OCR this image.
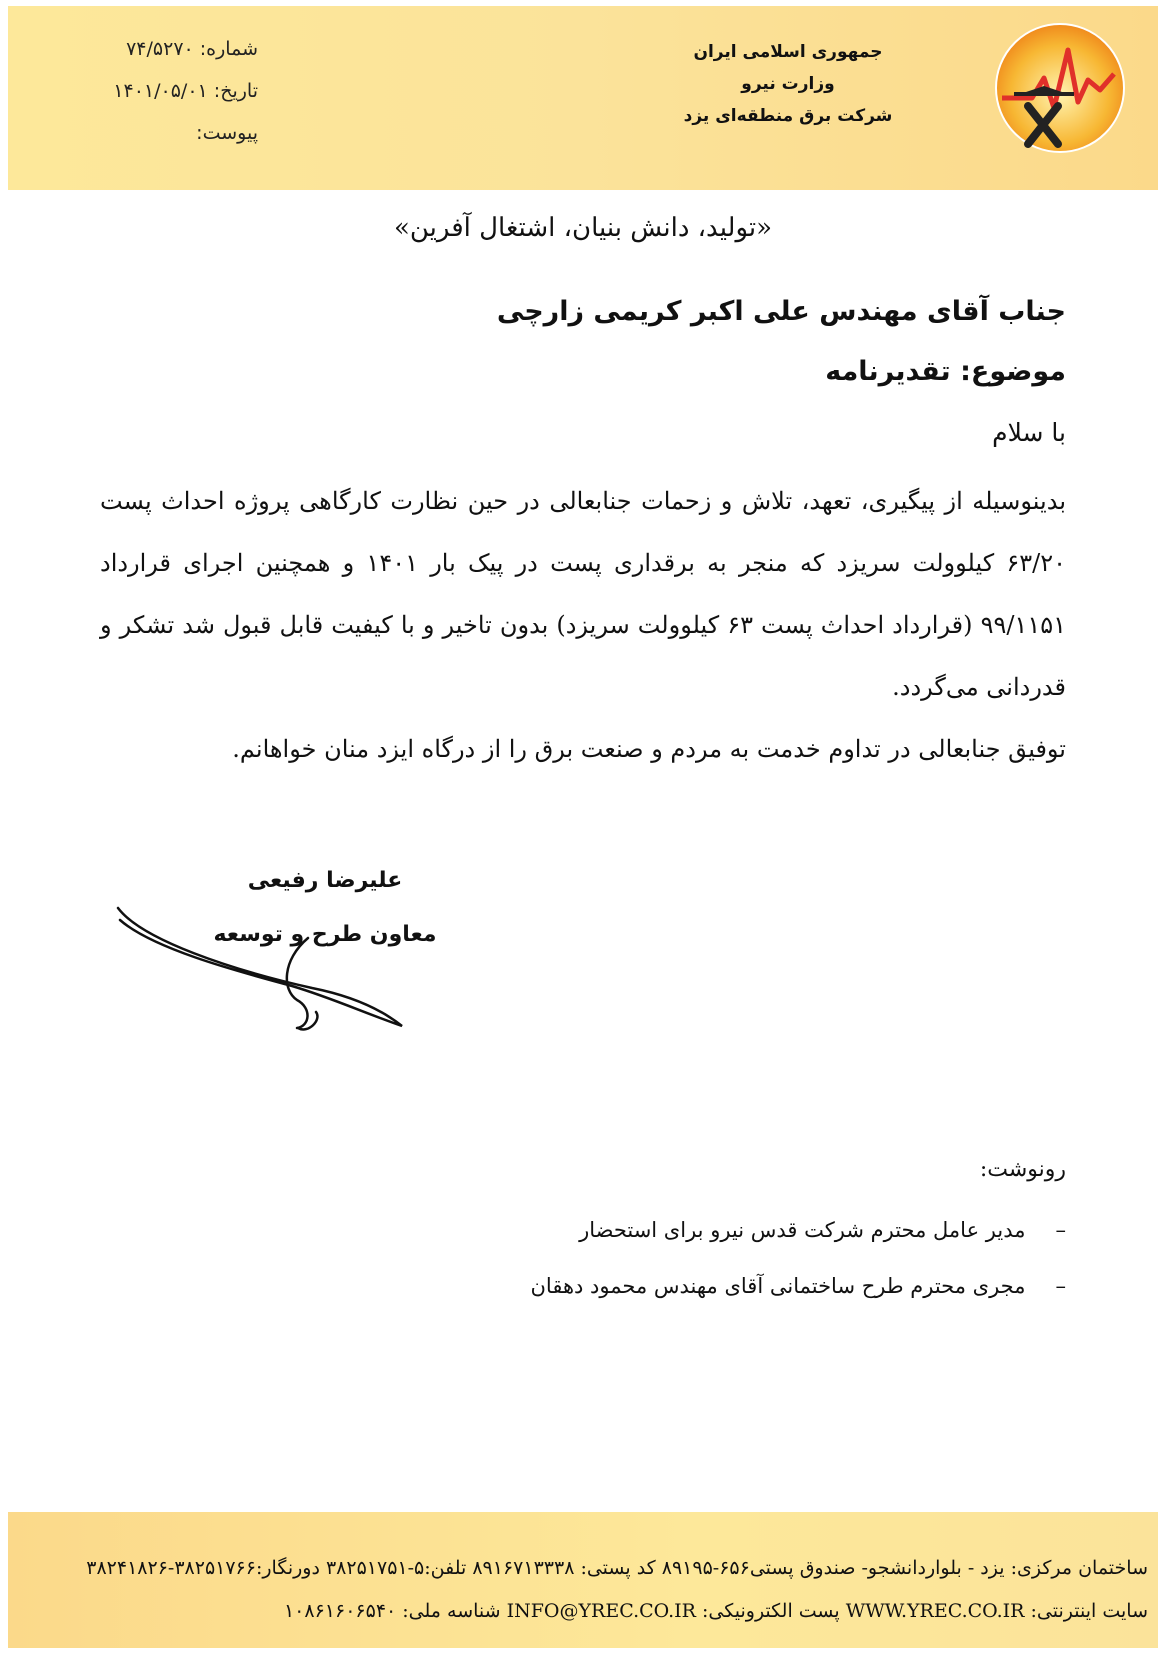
جمهوری اسلامی ایران
وزارت نیرو
شرکت برق منطقه‌ای یزد
شماره: ۷۴/۵۲۷۰
تاریخ: ۱۴۰۱/۰۵/۰۱
پیوست:
«تولید، دانش بنیان، اشتغال آفرین»
جناب آقای مهندس علی اکبر کریمی زارچی
موضوع: تقدیرنامه
با سلام

بدینوسیله از پیگیری، تعهد، تلاش و زحمات جنابعالی در حین نظارت کارگاهی پروژه احداث پست ۶۳/۲۰ کیلوولت سریزد که منجر به برقداری پست در پیک بار ۱۴۰۱ و همچنین اجرای قرارداد ۹۹/۱۱۵۱ (قرارداد احداث پست ۶۳ کیلوولت سریزد) بدون تاخیر و با کیفیت قابل قبول شد تشکر و قدردانی می‌گردد.

توفیق جنابعالی در تداوم خدمت به مردم و صنعت برق را از درگاه ایزد منان خواهانم.

علیرضا رفیعی
معاون طرح و توسعه
رونوشت:
–
مدیر عامل محترم شرکت قدس نیرو برای استحضار
–
مجری محترم طرح ساختمانی آقای مهندس محمود دهقان
ساختمان مرکزی: یزد - بلواردانشجو- صندوق پستی۶۵۶-۸۹۱۹۵ کد پستی: ۸۹۱۶۷۱۳۳۳۸ تلفن:۵-۳۸۲۵۱۷۵۱ دورنگار:۳۸۲۵۱۷۶۶-۳۸۲۴۱۸۲۶
سایت اینترنتی: WWW.YREC.CO.IR پست الکترونیکی: INFO@YREC.CO.IR شناسه ملی: ۱۰۸۶۱۶۰۶۵۴۰
